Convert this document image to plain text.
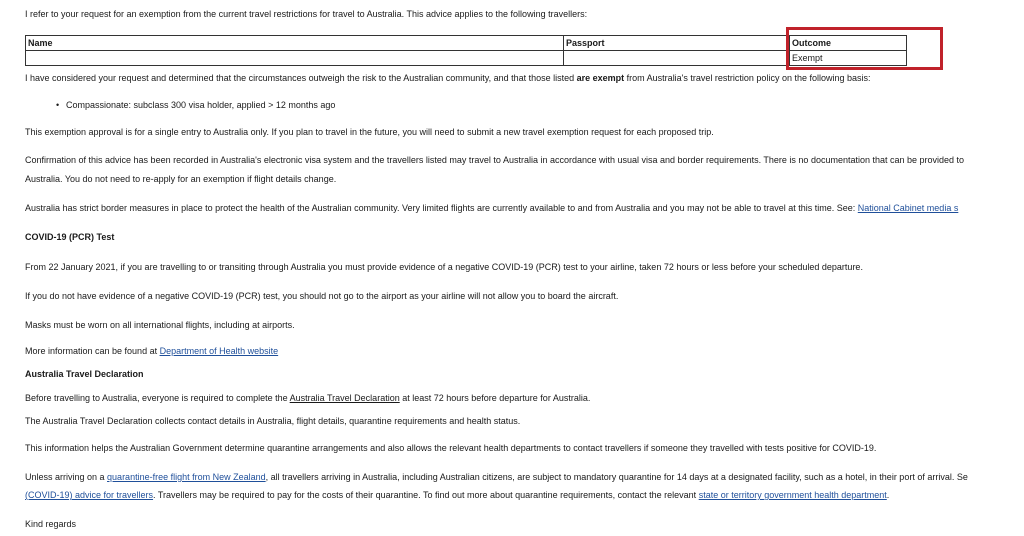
I refer to your request for an exemption from the current travel restrictions for travel to Australia. This advice applies to the following travellers:
Name	Passport	Outcome
		Exempt
I have considered your request and determined that the circumstances outweigh the risk to the Australian community, and that those listed are exempt from Australia's travel restriction policy on the following basis:
• Compassionate: subclass 300 visa holder, applied > 12 months ago
This exemption approval is for a single entry to Australia only. If you plan to travel in the future, you will need to submit a new travel exemption request for each proposed trip.
Confirmation of this advice has been recorded in Australia's electronic visa system and the travellers listed may travel to Australia in accordance with usual visa and border requirements. There is no documentation that can be provided to
Australia. You do not need to re-apply for an exemption if flight details change.
Australia has strict border measures in place to protect the health of the Australian community. Very limited flights are currently available to and from Australia and you may not be able to travel at this time. See: National Cabinet media s
COVID-19 (PCR) Test
From 22 January 2021, if you are travelling to or transiting through Australia you must provide evidence of a negative COVID-19 (PCR) test to your airline, taken 72 hours or less before your scheduled departure.
If you do not have evidence of a negative COVID-19 (PCR) test, you should not go to the airport as your airline will not allow you to board the aircraft.
Masks must be worn on all international flights, including at airports.
More information can be found at Department of Health website
Australia Travel Declaration
Before travelling to Australia, everyone is required to complete the Australia Travel Declaration at least 72 hours before departure for Australia.
The Australia Travel Declaration collects contact details in Australia, flight details, quarantine requirements and health status.
This information helps the Australian Government determine quarantine arrangements and also allows the relevant health departments to contact travellers if someone they travelled with tests positive for COVID-19.
Unless arriving on a quarantine-free flight from New Zealand, all travellers arriving in Australia, including Australian citizens, are subject to mandatory quarantine for 14 days at a designated facility, such as a hotel, in their port of arrival. Se
(COVID-19) advice for travellers. Travellers may be required to pay for the costs of their quarantine. To find out more about quarantine requirements, contact the relevant state or territory government health department.
Kind regards
